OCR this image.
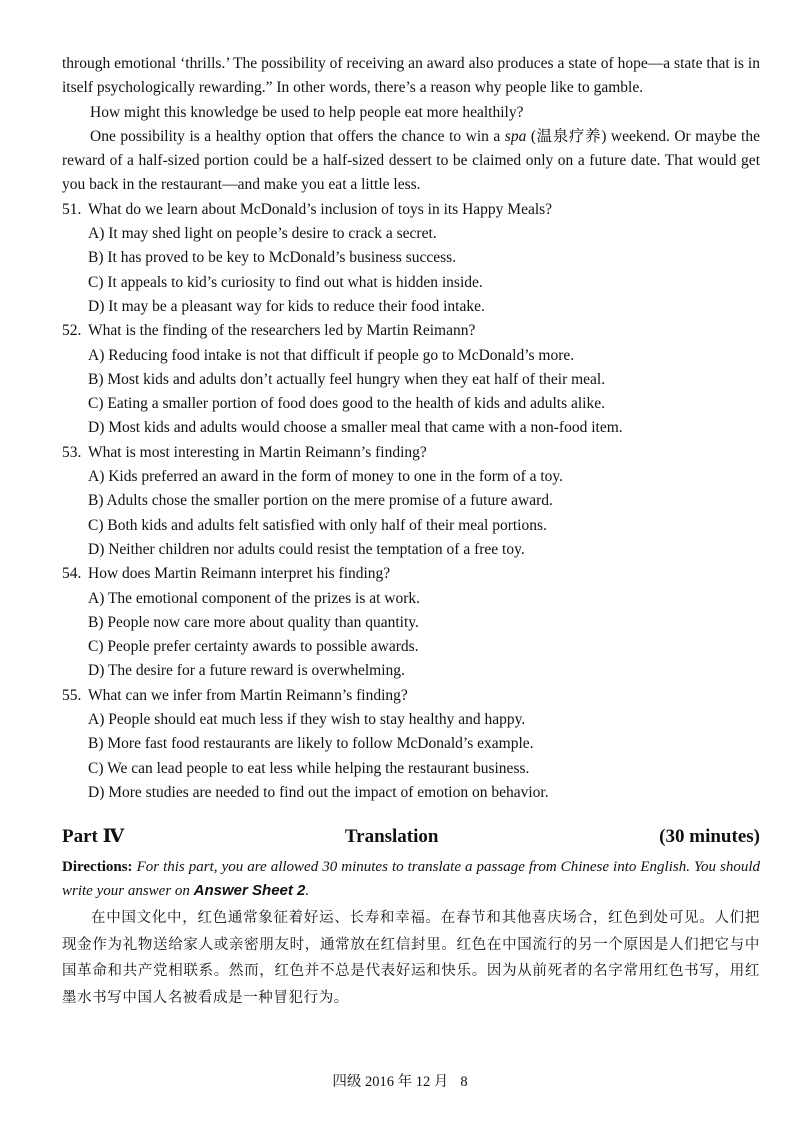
through emotional ‘thrills.’ The possibility of receiving an award also produces a state of hope—a state that is in itself psychologically rewarding.” In other words, there’s a reason why people like to gamble.

How might this knowledge be used to help people eat more healthily?

One possibility is a healthy option that offers the chance to win a spa (温泉疗养) weekend. Or maybe the reward of a half-sized portion could be a half-sized dessert to be claimed only on a future date. That would get you back in the restaurant—and make you eat a little less.

51. What do we learn about McDonald’s inclusion of toys in its Happy Meals?
A) It may shed light on people’s desire to crack a secret.
B) It has proved to be key to McDonald’s business success.
C) It appeals to kid’s curiosity to find out what is hidden inside.
D) It may be a pleasant way for kids to reduce their food intake.
52. What is the finding of the researchers led by Martin Reimann?
A) Reducing food intake is not that difficult if people go to McDonald’s more.
B) Most kids and adults don’t actually feel hungry when they eat half of their meal.
C) Eating a smaller portion of food does good to the health of kids and adults alike.
D) Most kids and adults would choose a smaller meal that came with a non-food item.
53. What is most interesting in Martin Reimann’s finding?
A) Kids preferred an award in the form of money to one in the form of a toy.
B) Adults chose the smaller portion on the mere promise of a future award.
C) Both kids and adults felt satisfied with only half of their meal portions.
D) Neither children nor adults could resist the temptation of a free toy.
54. How does Martin Reimann interpret his finding?
A) The emotional component of the prizes is at work.
B) People now care more about quality than quantity.
C) People prefer certainty awards to possible awards.
D) The desire for a future reward is overwhelming.
55. What can we infer from Martin Reimann’s finding?
A) People should eat much less if they wish to stay healthy and happy.
B) More fast food restaurants are likely to follow McDonald’s example.
C) We can lead people to eat less while helping the restaurant business.
D) More studies are needed to find out the impact of emotion on behavior.
Part Ⅳ	Translation	(30 minutes)

Directions: For this part, you are allowed 30 minutes to translate a passage from Chinese into English. You should write your answer on Answer Sheet 2.

在中国文化中，红色通常象征着好运、长寿和幸福。在春节和其他喜庆场合，红色到处可见。人们把现金作为礼物送给家人或亲密朋友时，通常放在红信封里。红色在中国流行的另一个原因是人们把它与中国革命和共产党相联系。然而，红色并不总是代表好运和快乐。因为从前死者的名字常用红色书写，用红墨水书写中国人名被看成是一种冒犯行为。

四级 2016 年 12 月 8
